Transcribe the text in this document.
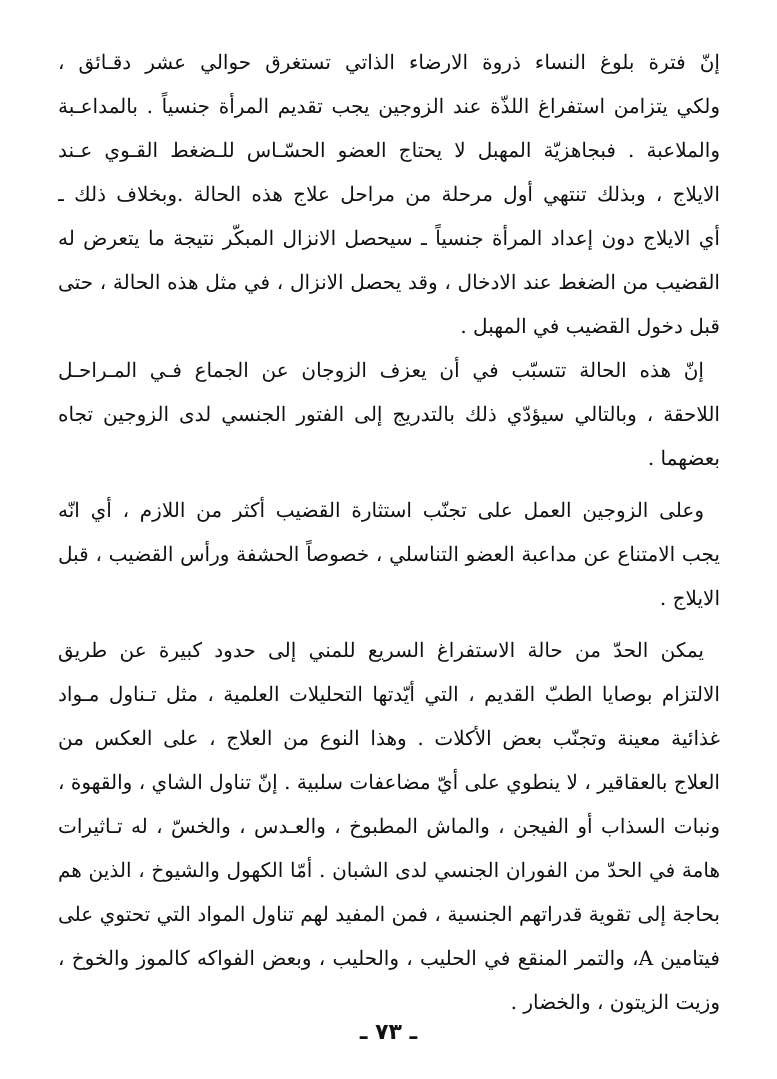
إنّ فترة بلوغ النساء ذروة الارضاء الذاتي تستغرق حوالي عشر دقـائق ،
ولكي يتزامن استفراغ اللذّة عند الزوجين يجب تقديم المرأة جنسياً . بالمداعـبة
والملاعبة . فبجاهزيّة المهبل لا يحتاج العضو الحسّـاس للـضغط القـوي عـند
الايلاج ، وبذلك تنتهي أول مرحلة من مراحل علاج هذه الحالة .وبخلاف ذلك ـ
أي الايلاج دون إعداد المرأة جنسياً ـ سيحصل الانزال المبكّر نتيجة ما يتعرض له
القضيب من الضغط عند الادخال ، وقد يحصل الانزال ، في مثل هذه الحالة ، حتى
قبل دخول القضيب في المهبل .
إنّ هذه الحالة تتسبّب في أن يعزف الزوجان عن الجماع فـي المـراحـل
اللاحقة ، وبالتالي سيؤدّي ذلك بالتدريج إلى الفتور الجنسي لدى الزوجين تجاه
بعضهما .
وعلى الزوجين العمل على تجنّب استثارة القضيب أكثر من اللازم ، أي انّه
يجب الامتناع عن مداعبة العضو التناسلي ، خصوصاً الحشفة ورأس القضيب ، قبل
الايلاج .
يمكن الحدّ من حالة الاستفراغ السريع للمني إلى حدود كبيرة عن طريق
الالتزام بوصايا الطبّ القديم ، التي أيّدتها التحليلات العلمية ، مثل تـناول مـواد
غذائية معينة وتجنّب بعض الأكلات . وهذا النوع من العلاج ، على العكس من
العلاج بالعقاقير ، لا ينطوي على أيّ مضاعفات سلبية . إنّ تناول الشاي ، والقهوة ،
ونبات السذاب أو الفيجن ، والماش المطبوخ ، والعـدس ، والخسّ ، له تـاثيرات
هامة في الحدّ من الفوران الجنسي لدى الشبان . أمّا الكهول والشيوخ ، الذين هم
بحاجة إلى تقوية قدراتهم الجنسية ، فمن المفيد لهم تناول المواد التي تحتوي على
فيتامين A، والتمر المنقع في الحليب ، والحليب ، وبعض الفواكه كالموز والخوخ ،
وزيت الزيتون ، والخضار .
ـ ٧٣ ـ
